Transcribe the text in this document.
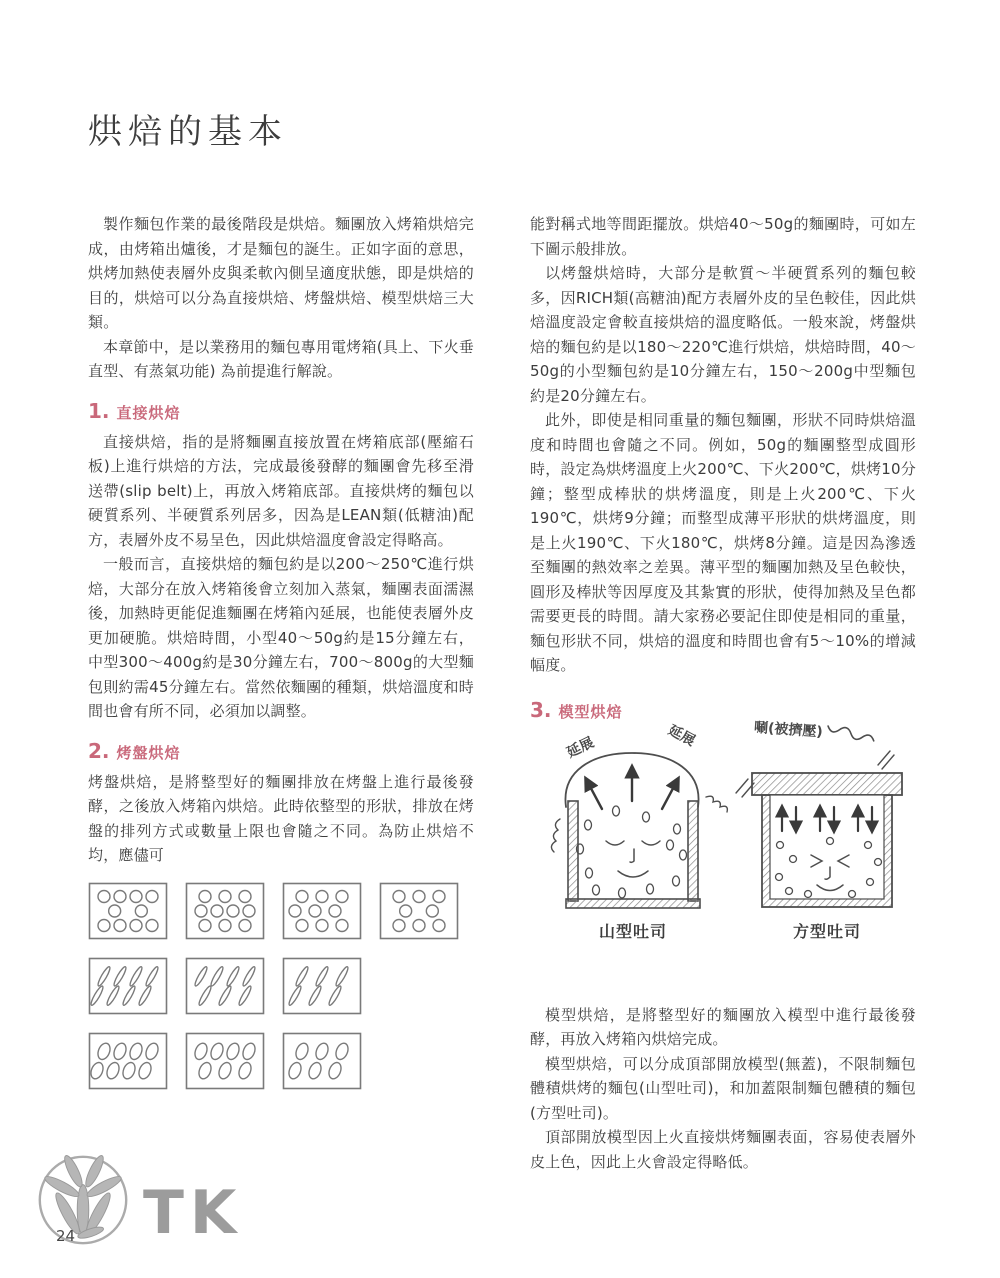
烘焙的基本

製作麵包作業的最後階段是烘焙。麵團放入烤箱烘焙完成，由烤箱出爐後，才是麵包的誕生。正如字面的意思，烘烤加熱使表層外皮與柔軟內側呈適度狀態，即是烘焙的目的，烘焙可以分為直接烘焙、烤盤烘焙、模型烘焙三大類。

本章節中，是以業務用的麵包專用電烤箱(具上、下火垂直型、有蒸氣功能) 為前提進行解說。

1. 直接烘焙

直接烘焙，指的是將麵團直接放置在烤箱底部(壓縮石板)上進行烘焙的方法，完成最後發酵的麵團會先移至滑送帶(slip belt)上，再放入烤箱底部。直接烘烤的麵包以硬質系列、半硬質系列居多，因為是LEAN類(低糖油)配方，表層外皮不易呈色，因此烘焙溫度會設定得略高。

一般而言，直接烘焙的麵包約是以200～250℃進行烘焙，大部分在放入烤箱後會立刻加入蒸氣，麵團表面濡濕後，加熱時更能促進麵團在烤箱內延展，也能使表層外皮更加硬脆。烘焙時間，小型40～50g約是15分鐘左右，中型300～400g約是30分鐘左右，700～800g的大型麵包則約需45分鐘左右。當然依麵團的種類，烘焙溫度和時間也會有所不同，必須加以調整。

2. 烤盤烘焙

烤盤烘焙，是將整型好的麵團排放在烤盤上進行最後發酵，之後放入烤箱內烘焙。此時依整型的形狀，排放在烤盤的排列方式或數量上限也會隨之不同。為防止烘焙不均，應儘可

能對稱式地等間距擺放。烘焙40～50g的麵團時，可如左下圖示般排放。

以烤盤烘焙時，大部分是軟質～半硬質系列的麵包較多，因RICH類(高糖油)配方表層外皮的呈色較佳，因此烘焙溫度設定會較直接烘焙的溫度略低。一般來說，烤盤烘焙的麵包約是以180～220℃進行烘焙，烘焙時間，40～50g的小型麵包約是10分鐘左右，150～200g中型麵包約是20分鐘左右。

此外，即使是相同重量的麵包麵團，形狀不同時烘焙溫度和時間也會隨之不同。例如，50g的麵團整型成圓形時，設定為烘烤溫度上火200℃、下火200℃，烘烤10分鐘；整型成棒狀的烘烤溫度，則是上火200℃、下火190℃，烘烤9分鐘；而整型成薄平形狀的烘烤溫度，則是上火190℃、下火180℃，烘烤8分鐘。這是因為滲透至麵團的熱效率之差異。薄平型的麵團加熱及呈色較快，圓形及棒狀等因厚度及其紮實的形狀，使得加熱及呈色都需要更長的時間。請大家務必要記住即使是相同的重量，麵包形狀不同，烘焙的溫度和時間也會有5～10%的增減幅度。

3. 模型烘焙
延展	延展	唰(被擠壓)
山型吐司	方型吐司

模型烘焙，是將整型好的麵團放入模型中進行最後發酵，再放入烤箱內烘焙完成。

模型烘焙，可以分成頂部開放模型(無蓋)，不限制麵包體積烘烤的麵包(山型吐司)，和加蓋限制麵包體積的麵包(方型吐司)。

頂部開放模型因上火直接烘烤麵團表面，容易使表層外皮上色，因此上火會設定得略低。

TK
24
